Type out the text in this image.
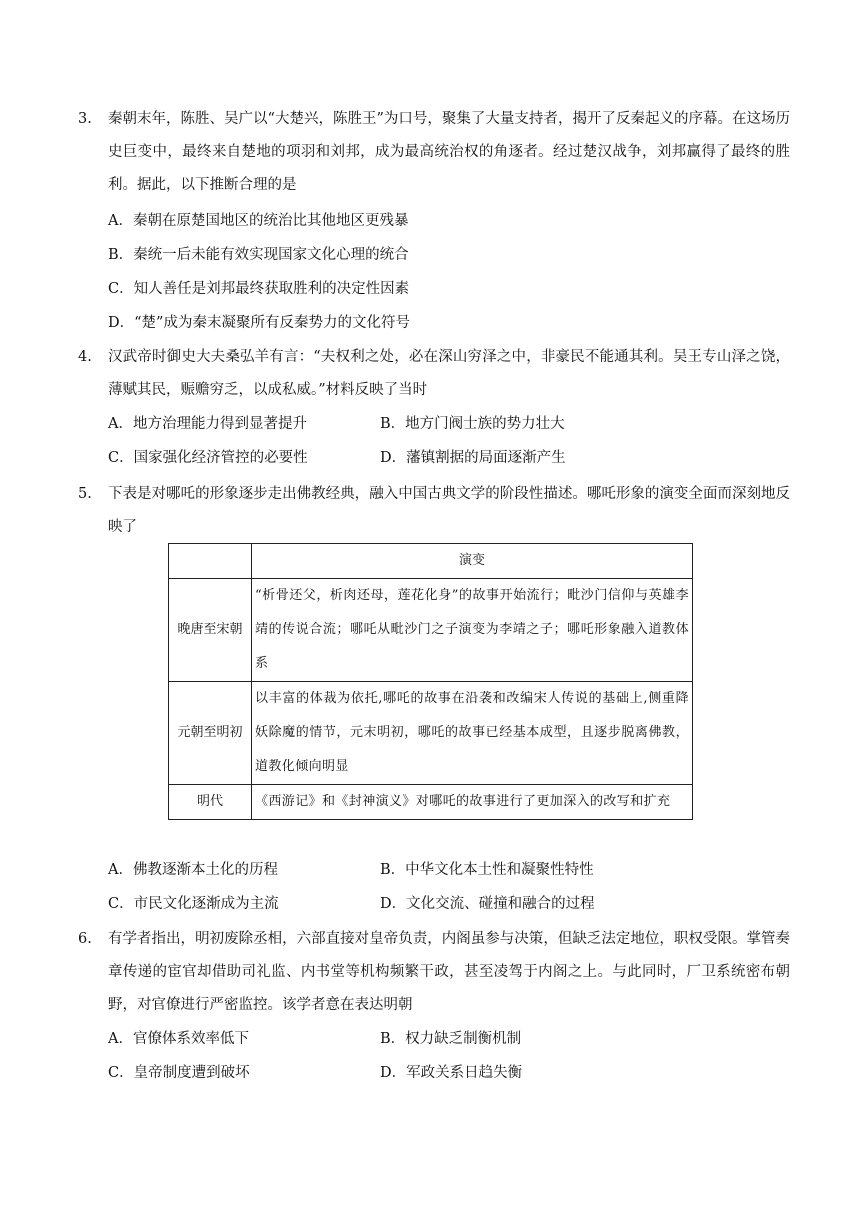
3.	秦朝末年，陈胜、吴广以“大楚兴，陈胜王”为口号，聚集了大量支持者，揭开了反秦起义的序幕。在这场历史巨变中，最终来自楚地的项羽和刘邦，成为最高统治权的角逐者。经过楚汉战争，刘邦赢得了最终的胜利。据此，以下推断合理的是
A．秦朝在原楚国地区的统治比其他地区更残暴
B．秦统一后未能有效实现国家文化心理的统合
C．知人善任是刘邦最终获取胜利的决定性因素
D．“楚”成为秦末凝聚所有反秦势力的文化符号
4.	汉武帝时御史大夫桑弘羊有言：“夫权利之处，必在深山穷泽之中，非豪民不能通其利。吴王专山泽之饶，薄赋其民，赈赡穷乏，以成私威。”材料反映了当时
A．地方治理能力得到显著提升	B．地方门阀士族的势力壮大
C．国家强化经济管控的必要性	D．藩镇割据的局面逐渐产生
5.	下表是对哪吒的形象逐步走出佛教经典，融入中国古典文学的阶段性描述。哪吒形象的演变全面而深刻地反映了
	演变
晚唐至宋朝	“析骨还父，析肉还母，莲花化身”的故事开始流行；毗沙门信仰与英雄李靖的传说合流；哪吒从毗沙门之子演变为李靖之子；哪吒形象融入道教体系
元朝至明初	以丰富的体裁为依托,哪吒的故事在沿袭和改编宋人传说的基础上,侧重降妖除魔的情节，元末明初，哪吒的故事已经基本成型，且逐步脱离佛教，道教化倾向明显
明代	《西游记》和《封神演义》对哪吒的故事进行了更加深入的改写和扩充
A．佛教逐渐本土化的历程	B．中华文化本土性和凝聚性特性
C．市民文化逐渐成为主流	D．文化交流、碰撞和融合的过程
6.	有学者指出，明初废除丞相，六部直接对皇帝负责，内阁虽参与决策，但缺乏法定地位，职权受限。掌管奏章传递的宦官却借助司礼监、内书堂等机构频繁干政，甚至凌驾于内阁之上。与此同时，厂卫系统密布朝野，对官僚进行严密监控。该学者意在表达明朝
A．官僚体系效率低下	B．权力缺乏制衡机制
C．皇帝制度遭到破坏	D．军政关系日趋失衡
